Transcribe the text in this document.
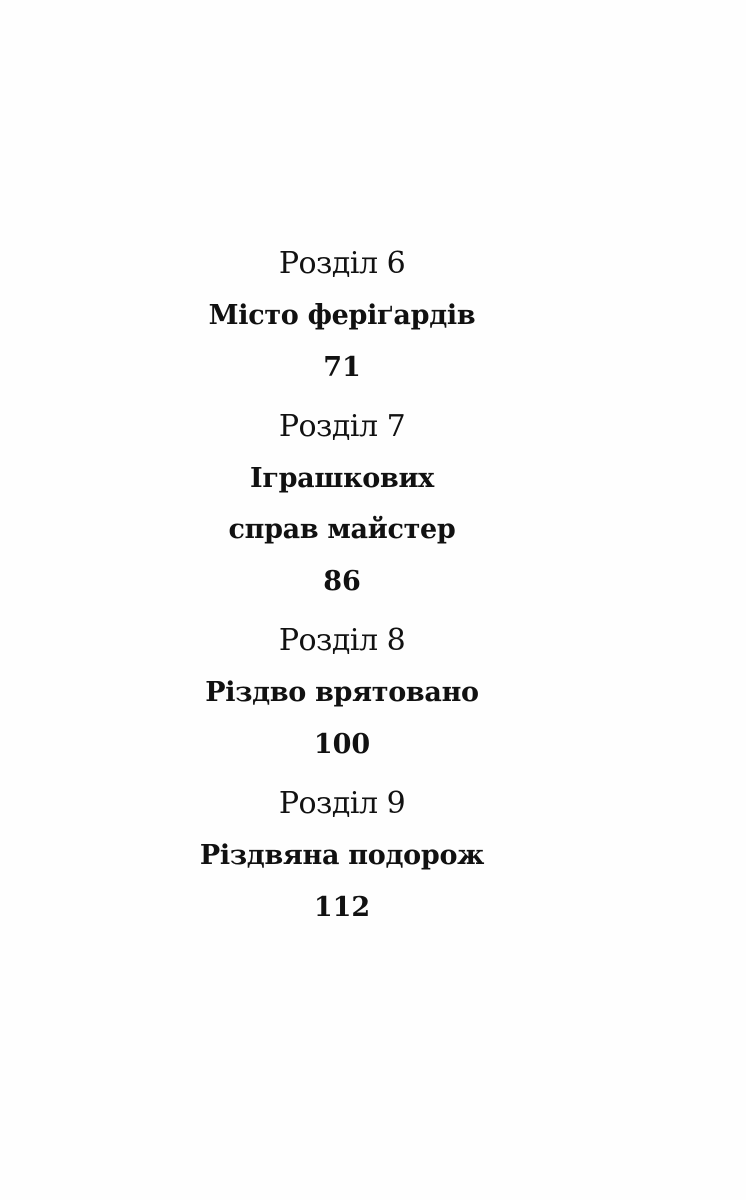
Розділ 6
Місто феріґардів
71
Розділ 7
Іграшкових
справ майстер
86
Розділ 8
Різдво врятовано
100
Розділ 9
Різдвяна подорож
112
